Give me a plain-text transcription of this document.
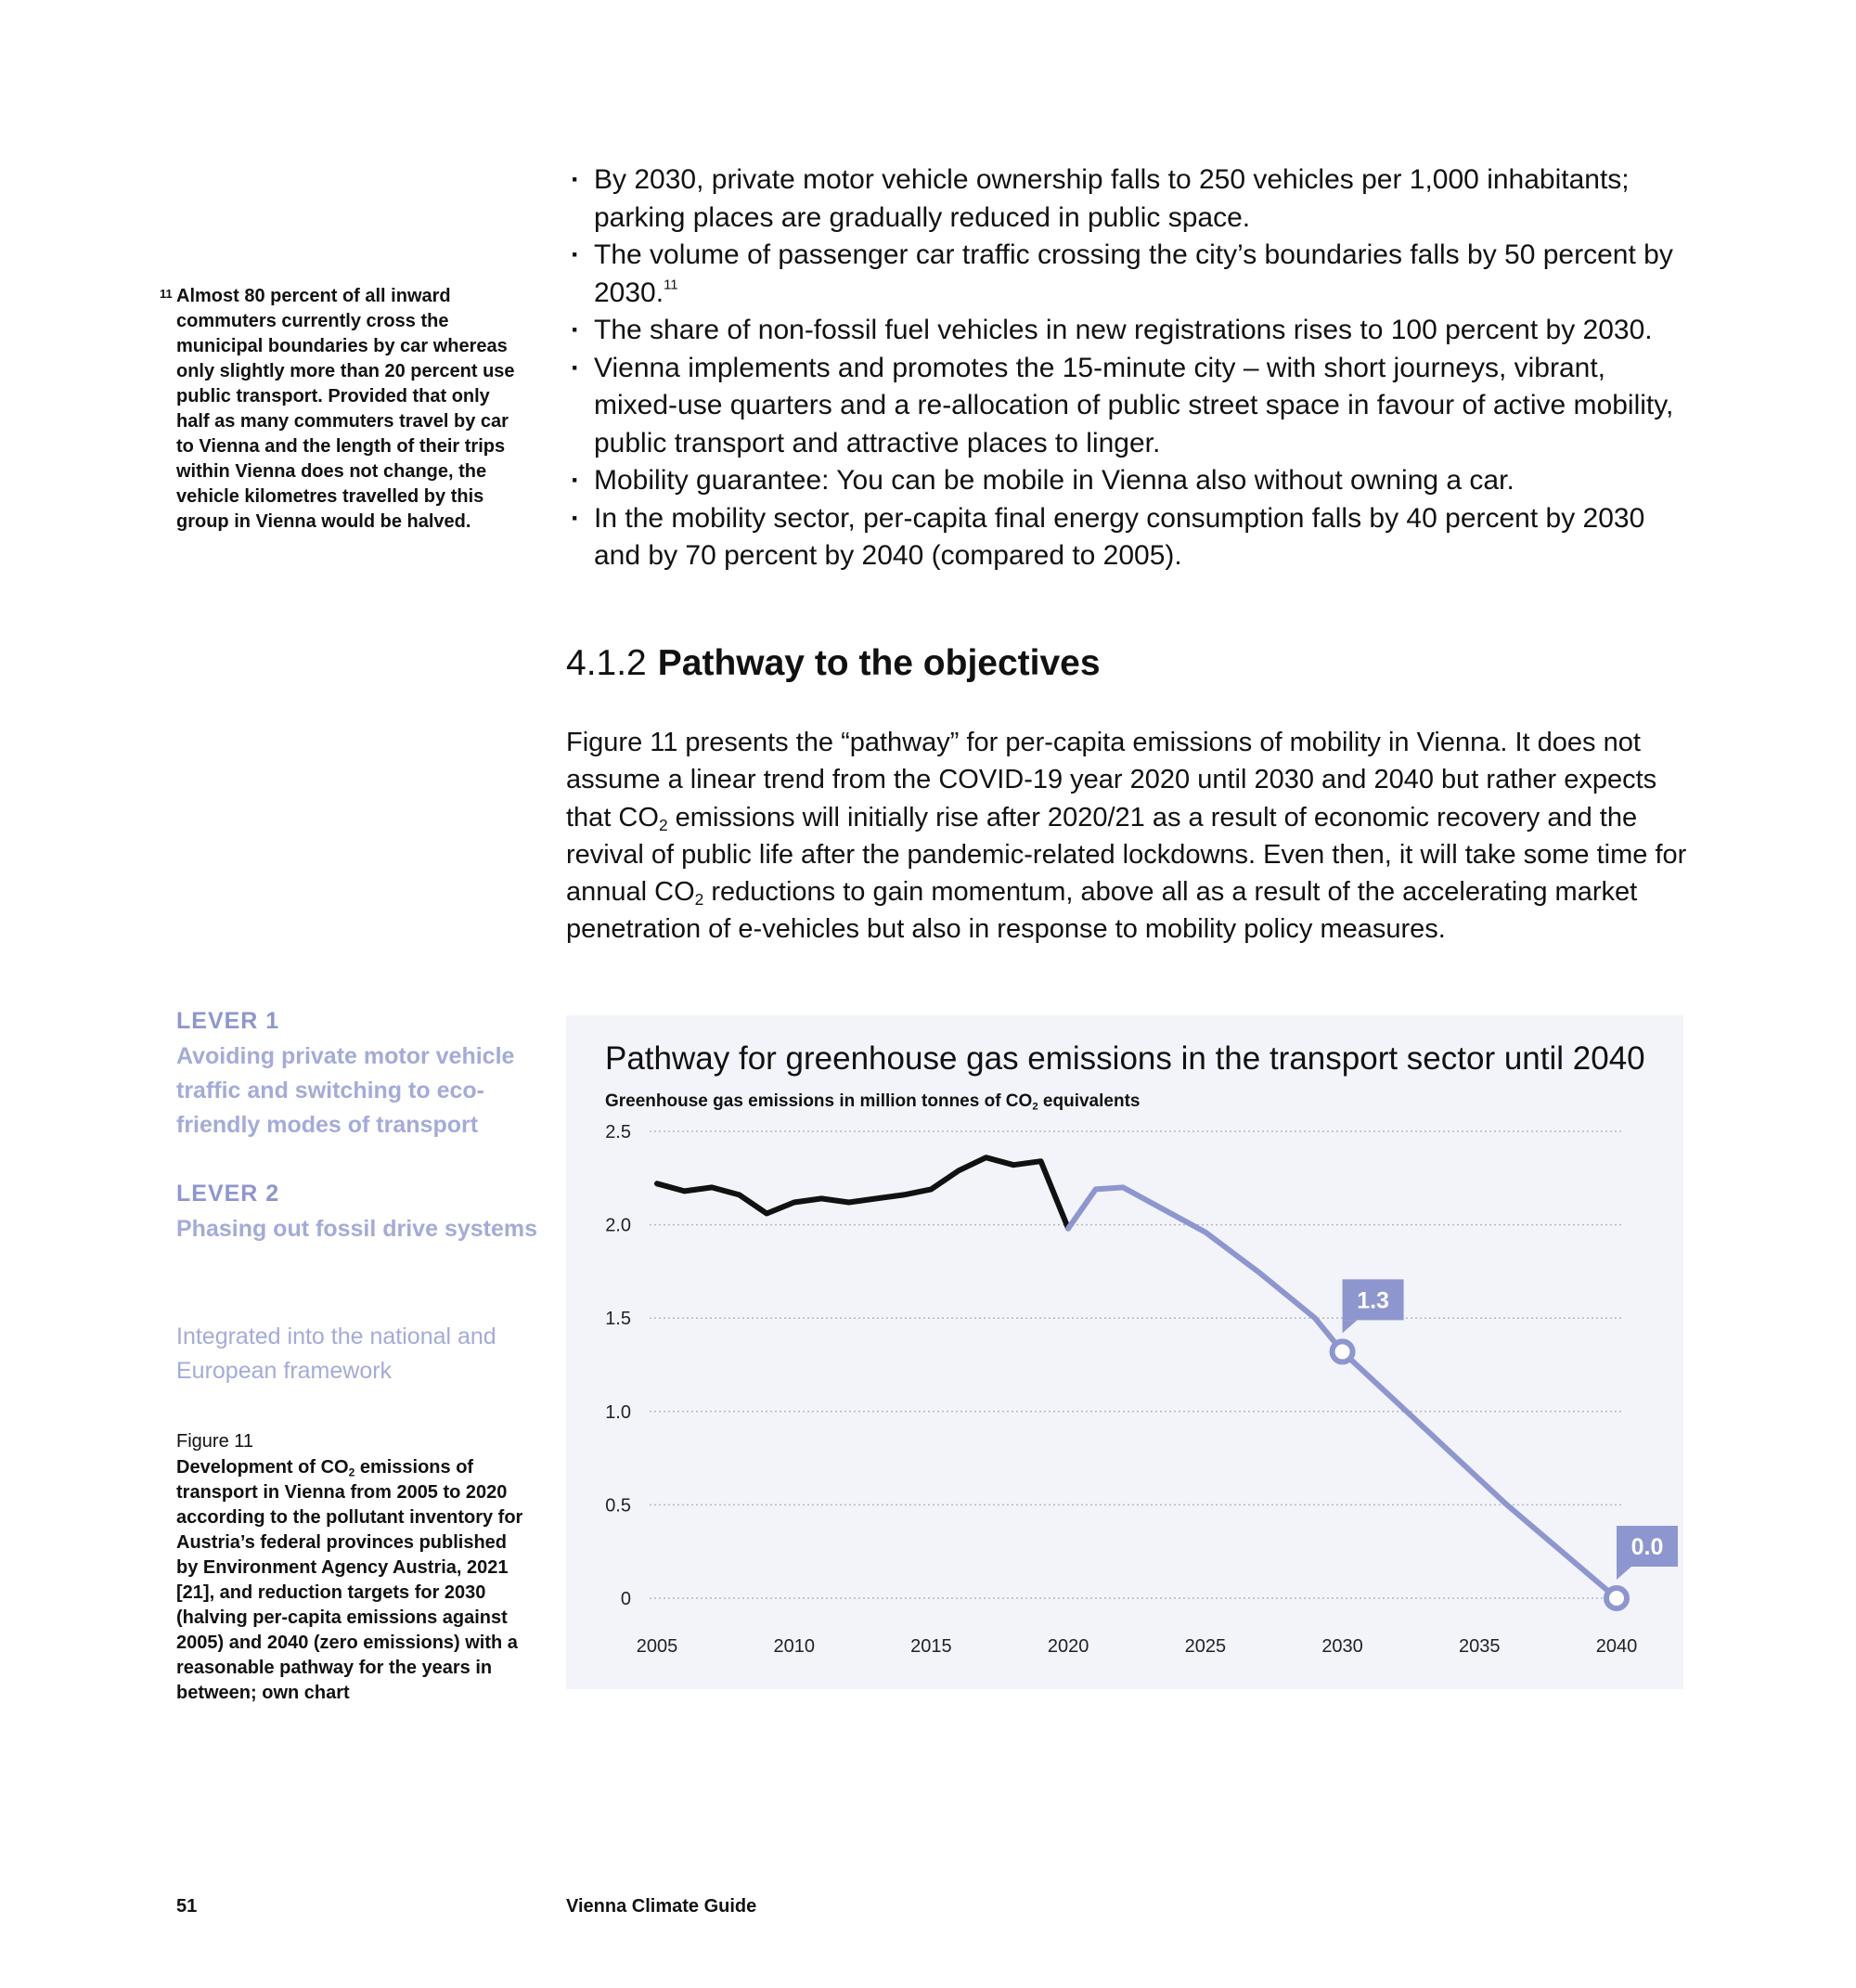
11 Almost 80 percent of all inward commuters currently cross the municipal boundaries by car whereas only slightly more than 20 percent use public transport. Provided that only half as many commuters travel by car to Vienna and the length of their trips within Vienna does not change, the vehicle kilometres travelled by this group in Vienna would be halved.
· By 2030, private motor vehicle ownership falls to 250 vehicles per 1,000 inhabitants; parking places are gradually reduced in public space.
· The volume of passenger car traffic crossing the city’s boundaries falls by 50 percent by 2030.11
· The share of non-fossil fuel vehicles in new registrations rises to 100 percent by 2030.
· Vienna implements and promotes the 15-minute city – with short journeys, vibrant, mixed-use quarters and a re-allocation of public street space in favour of active mobility, public transport and attractive places to linger.
· Mobility guarantee: You can be mobile in Vienna also without owning a car.
· In the mobility sector, per-capita final energy consumption falls by 40 percent by 2030 and by 70 percent by 2040 (compared to 2005).
4.1.2 Pathway to the objectives

Figure 11 presents the “pathway” for per-capita emissions of mobility in Vienna. It does not assume a linear trend from the COVID-19 year 2020 until 2030 and 2040 but rather expects that $CO_2$ emissions will initially rise after 2020/21 as a result of economic recovery and the revival of public life after the pandemic-related lockdowns. Even then, it will take some time for annual $CO_2$ reductions to gain momentum, above all as a result of the accelerating market penetration of e-vehicles but also in response to mobility policy measures.

LEVER 1
Avoiding private motor vehicle traffic and switching to eco-friendly modes of transport
LEVER 2
Phasing out fossil drive systems
Integrated into the national and European framework
Figure 11
Development of $CO_2$ emissions of transport in Vienna from 2005 to 2020 according to the pollutant inventory for Austria’s federal provinces published by Environment Agency Austria, 2021 [21], and reduction targets for 2030 (halving per-capita emissions against 2005) and 2040 (zero emissions) with a reasonable pathway for the years in between; own chart
Pathway for greenhouse gas emissions in the transport sector until 2040
Greenhouse gas emissions in million tonnes of $CO_2$ equivalents
0
0.5
1.0
1.5
2.0
2.5
2005	2010	2015	2020	2025	2030	2035	2040
1.3
0.0
51	Vienna Climate Guide
